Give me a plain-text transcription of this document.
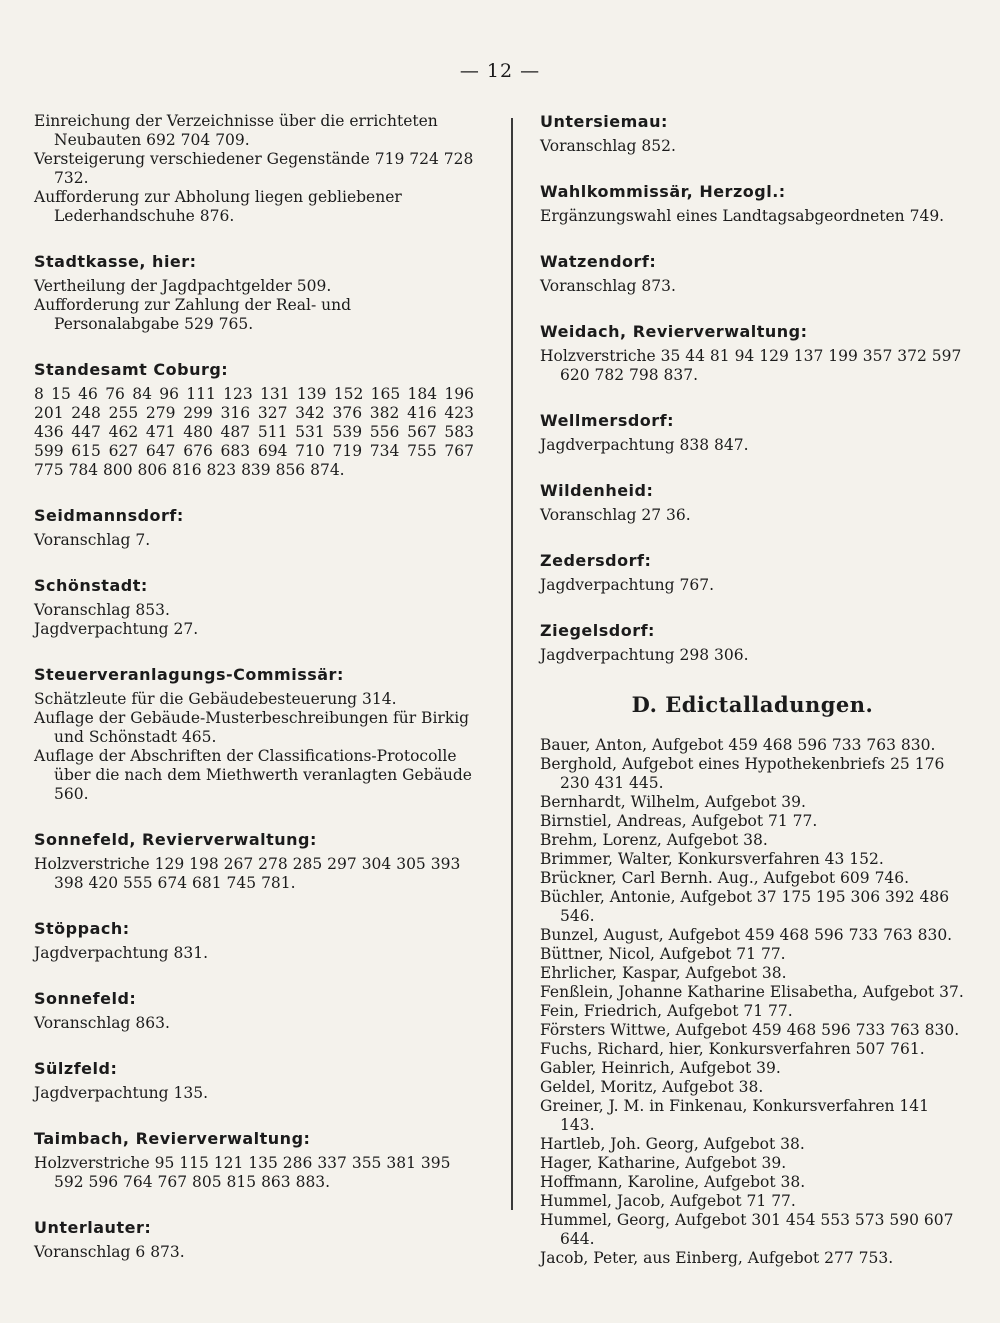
— 12 —
Einreichung der Verzeichnisse über die errichteten Neubauten 692 704 709.
Versteigerung verschiedener Gegenstände 719 724 728 732.
Aufforderung zur Abholung liegen gebliebener Lederhandschuhe 876.
Stadtkasse, hier:
Vertheilung der Jagdpachtgelder 509.
Aufforderung zur Zahlung der Real- und Personalabgabe 529 765.
Standesamt Coburg:
8 15 46 76 84 96 111 123 131 139 152 165 184 196 201 248 255 279 299 316 327 342 376 382 416 423 436 447 462 471 480 487 511 531 539 556 567 583 599 615 627 647 676 683 694 710 719 734 755 767 775 784 800 806 816 823 839 856 874.
Seidmannsdorf:
Voranschlag 7.
Schönstadt:
Voranschlag 853.
Jagdverpachtung 27.
Steuerveranlagungs-Commissär:
Schätzleute für die Gebäudebesteuerung 314.
Auflage der Gebäude-Musterbeschreibungen für Birkig und Schönstadt 465.
Auflage der Abschriften der Classifications-Protocolle über die nach dem Miethwerth veranlagten Gebäude 560.
Sonnefeld, Revierverwaltung:
Holzverstriche 129 198 267 278 285 297 304 305 393 398 420 555 674 681 745 781.
Stöppach:
Jagdverpachtung 831.
Sonnefeld:
Voranschlag 863.
Sülzfeld:
Jagdverpachtung 135.
Taimbach, Revierverwaltung:
Holzverstriche 95 115 121 135 286 337 355 381 395 592 596 764 767 805 815 863 883.
Unterlauter:
Voranschlag 6 873.
Untersiemau:
Voranschlag 852.
Wahlkommissär, Herzogl.:
Ergänzungswahl eines Landtagsabgeordneten 749.
Watzendorf:
Voranschlag 873.
Weidach, Revierverwaltung:
Holzverstriche 35 44 81 94 129 137 199 357 372 597 620 782 798 837.
Wellmersdorf:
Jagdverpachtung 838 847.
Wildenheid:
Voranschlag 27 36.
Zedersdorf:
Jagdverpachtung 767.
Ziegelsdorf:
Jagdverpachtung 298 306.
D. Edictalladungen.
Bauer, Anton, Aufgebot 459 468 596 733 763 830.
Berghold, Aufgebot eines Hypothekenbriefs 25 176 230 431 445.
Bernhardt, Wilhelm, Aufgebot 39.
Birnstiel, Andreas, Aufgebot 71 77.
Brehm, Lorenz, Aufgebot 38.
Brimmer, Walter, Konkursverfahren 43 152.
Brückner, Carl Bernh. Aug., Aufgebot 609 746.
Büchler, Antonie, Aufgebot 37 175 195 306 392 486 546.
Bunzel, August, Aufgebot 459 468 596 733 763 830.
Büttner, Nicol, Aufgebot 71 77.
Ehrlicher, Kaspar, Aufgebot 38.
Fenßlein, Johanne Katharine Elisabetha, Aufgebot 37.
Fein, Friedrich, Aufgebot 71 77.
Försters Wittwe, Aufgebot 459 468 596 733 763 830.
Fuchs, Richard, hier, Konkursverfahren 507 761.
Gabler, Heinrich, Aufgebot 39.
Geldel, Moritz, Aufgebot 38.
Greiner, J. M. in Finkenau, Konkursverfahren 141 143.
Hartleb, Joh. Georg, Aufgebot 38.
Hager, Katharine, Aufgebot 39.
Hoffmann, Karoline, Aufgebot 38.
Hummel, Jacob, Aufgebot 71 77.
Hummel, Georg, Aufgebot 301 454 553 573 590 607 644.
Jacob, Peter, aus Einberg, Aufgebot 277 753.
